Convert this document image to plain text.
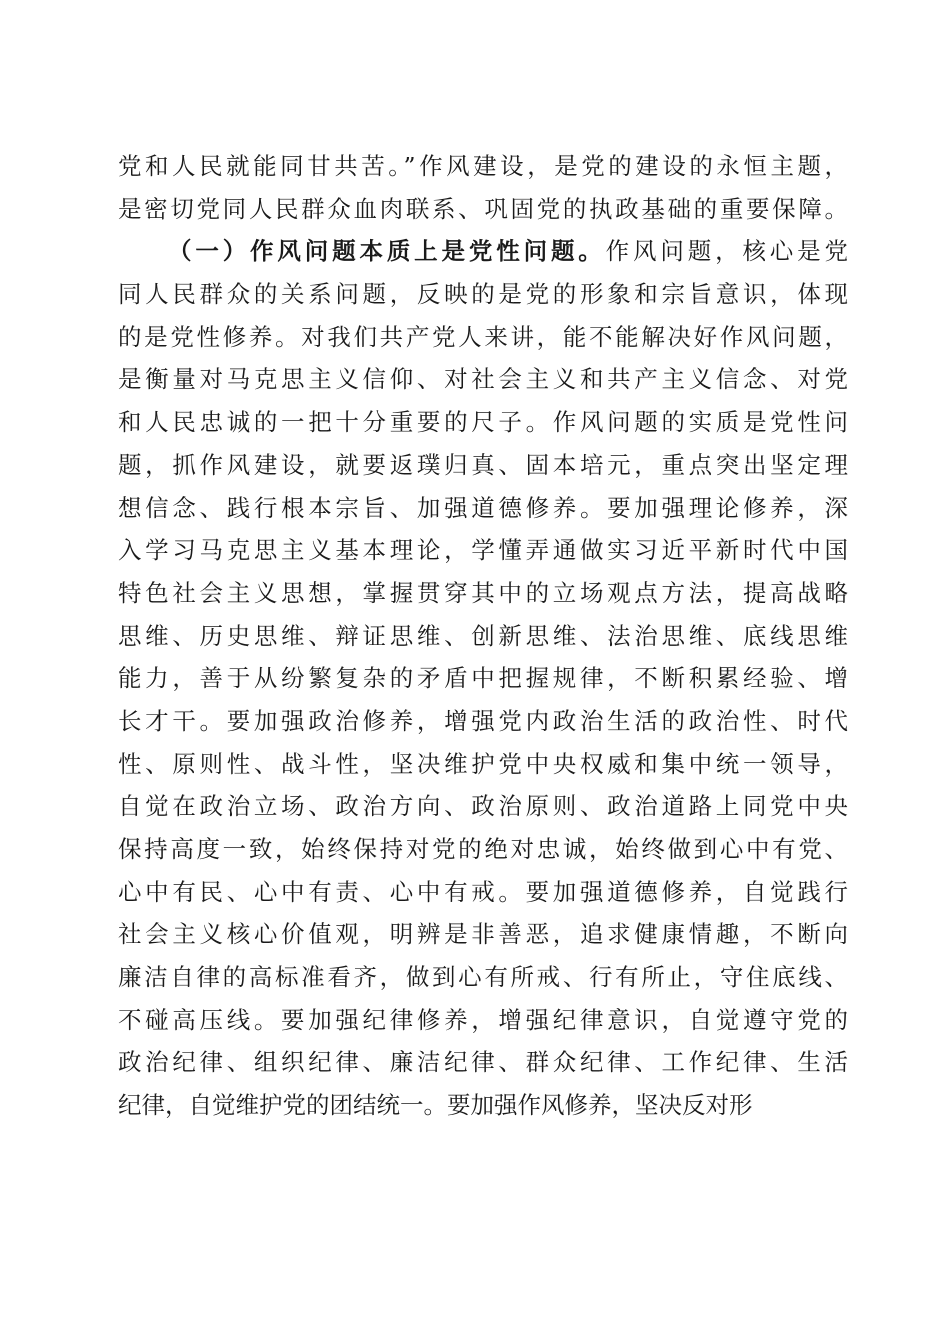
党和人民就能同甘共苦。”作风建设，是党的建设的永恒主题，
是密切党同人民群众血肉联系、巩固党的执政基础的重要保障。
（一）作风问题本质上是党性问题。作风问题，核心是党
同人民群众的关系问题，反映的是党的形象和宗旨意识，体现
的是党性修养。对我们共产党人来讲，能不能解决好作风问题，
是衡量对马克思主义信仰、对社会主义和共产主义信念、对党
和人民忠诚的一把十分重要的尺子。作风问题的实质是党性问
题，抓作风建设，就要返璞归真、固本培元，重点突出坚定理
想信念、践行根本宗旨、加强道德修养。要加强理论修养，深
入学习马克思主义基本理论，学懂弄通做实习近平新时代中国
特色社会主义思想，掌握贯穿其中的立场观点方法，提高战略
思维、历史思维、辩证思维、创新思维、法治思维、底线思维
能力，善于从纷繁复杂的矛盾中把握规律，不断积累经验、增
长才干。要加强政治修养，增强党内政治生活的政治性、时代
性、原则性、战斗性，坚决维护党中央权威和集中统一领导，
自觉在政治立场、政治方向、政治原则、政治道路上同党中央
保持高度一致，始终保持对党的绝对忠诚，始终做到心中有党、
心中有民、心中有责、心中有戒。要加强道德修养，自觉践行
社会主义核心价值观，明辨是非善恶，追求健康情趣，不断向
廉洁自律的高标准看齐，做到心有所戒、行有所止，守住底线、
不碰高压线。要加强纪律修养，增强纪律意识，自觉遵守党的
政治纪律、组织纪律、廉洁纪律、群众纪律、工作纪律、生活
纪律，自觉维护党的团结统一。要加强作风修养，坚决反对形
